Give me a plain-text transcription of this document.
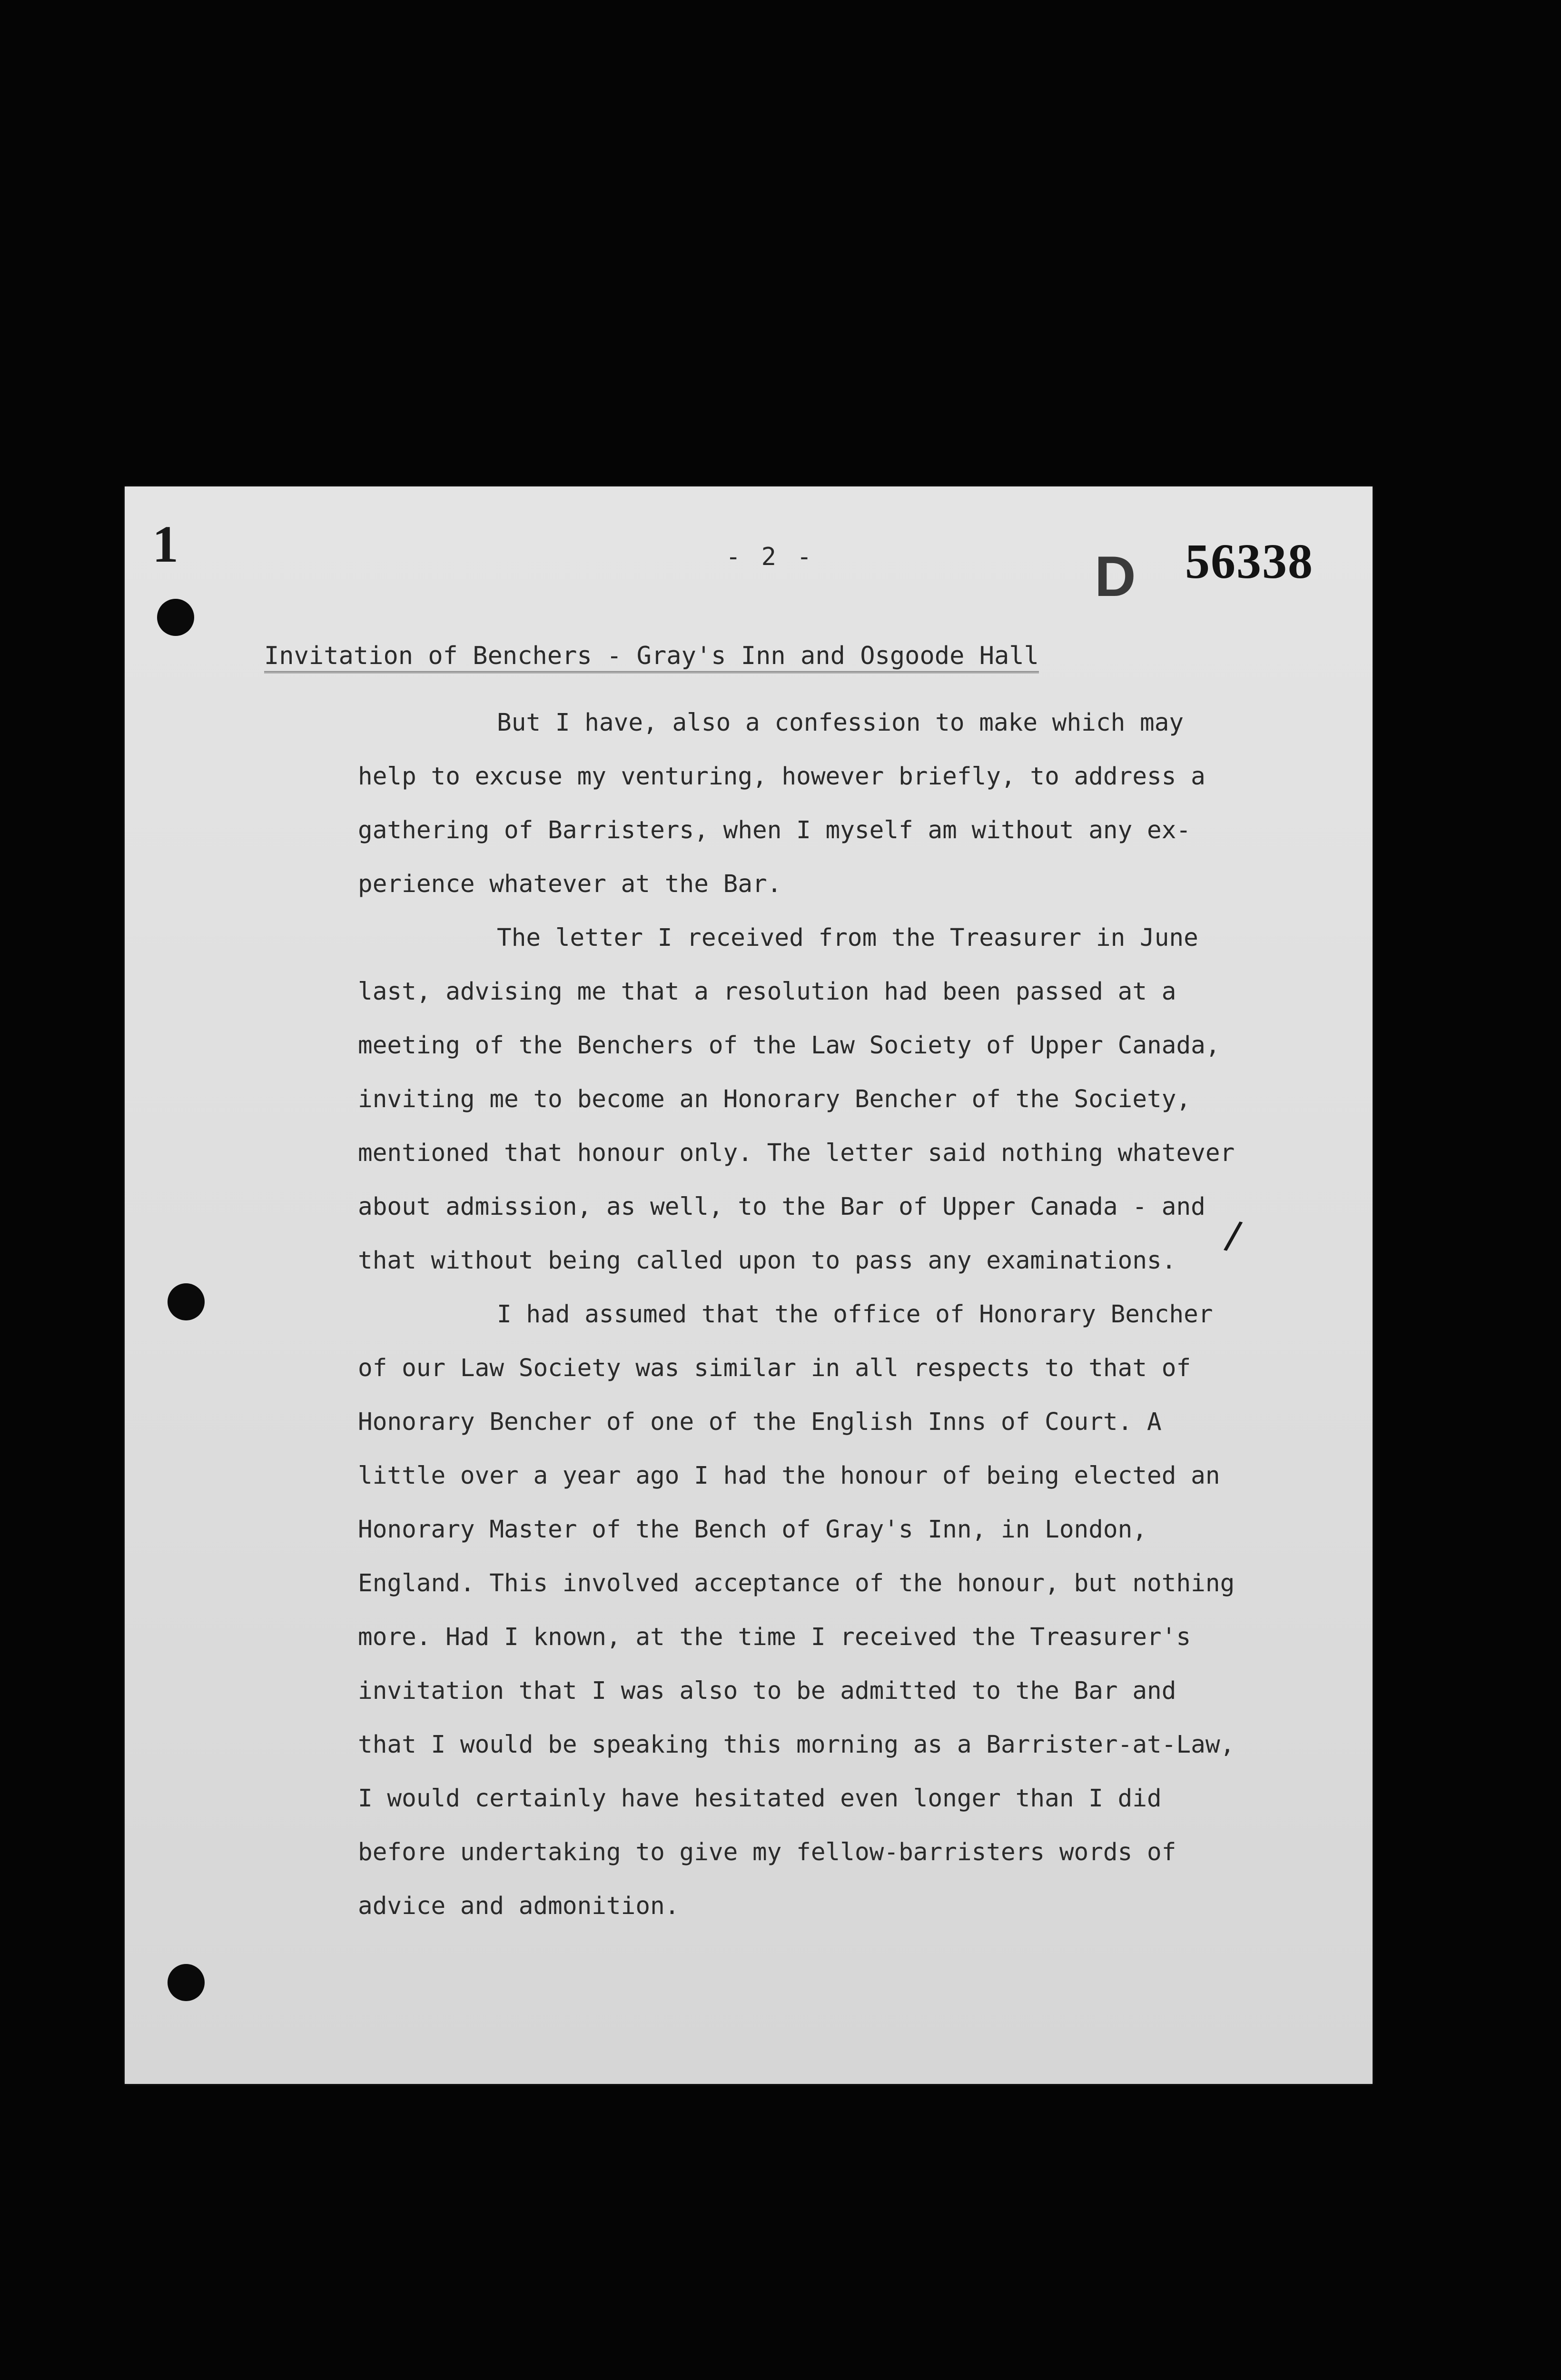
1	- 2 -	D 56338
Invitation of Benchers - Gray's Inn and Osgoode Hall
But I have, also a confession to make which may
help to excuse my venturing, however briefly, to address a
gathering of Barristers, when I myself am without any ex-
perience whatever at the Bar.
The letter I received from the Treasurer in June
last, advising me that a resolution had been passed at a
meeting of the Benchers of the Law Society of Upper Canada,
inviting me to become an Honorary Bencher of the Society,
mentioned that honour only. The letter said nothing whatever
about admission, as well, to the Bar of Upper Canada - and
that without being called upon to pass any examinations.
I had assumed that the office of Honorary Bencher
of our Law Society was similar in all respects to that of
Honorary Bencher of one of the English Inns of Court. A
little over a year ago I had the honour of being elected an
Honorary Master of the Bench of Gray's Inn, in London,
England. This involved acceptance of the honour, but nothing
more. Had I known, at the time I received the Treasurer's
invitation that I was also to be admitted to the Bar and
that I would be speaking this morning as a Barrister-at-Law,
I would certainly have hesitated even longer than I did
before undertaking to give my fellow-barristers words of
advice and admonition.
/
